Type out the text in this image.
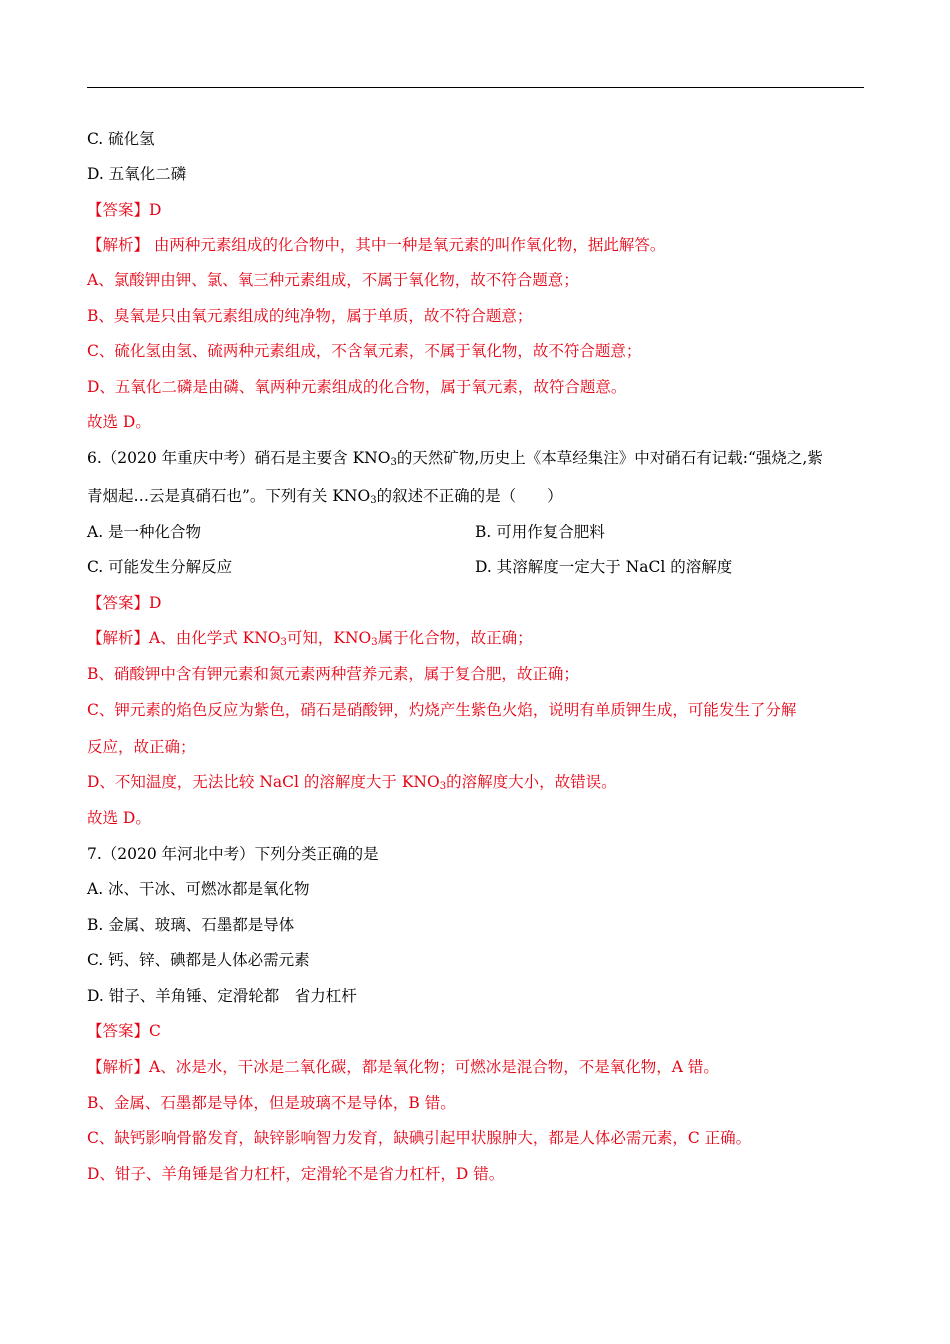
C. 硫化氢
D. 五氧化二磷
【答案】D
【解析】 由两种元素组成的化合物中，其中一种是氧元素的叫作氧化物，据此解答。
A、氯酸钾由钾、氯、氧三种元素组成，不属于氧化物，故不符合题意；
B、臭氧是只由氧元素组成的纯净物，属于单质，故不符合题意；
C、硫化氢由氢、硫两种元素组成，不含氧元素，不属于氧化物，故不符合题意；
D、五氧化二磷是由磷、氧两种元素组成的化合物，属于氧元素，故符合题意。
故选 D。
6.（2020 年重庆中考）硝石是主要含 $KNO_3$的天然矿物,历史上《本草经集注》中对硝石有记载:“强烧之,紫
青烟起…云是真硝石也”。下列有关 $KNO_3$的叙述不正确的是（　　）
A. 是一种化合物	B. 可用作复合肥料
C. 可能发生分解反应	D. 其溶解度一定大于 NaCl 的溶解度
【答案】D
【解析】A、由化学式 $KNO_3$可知，$KNO_3$属于化合物，故正确；
B、硝酸钾中含有钾元素和氮元素两种营养元素，属于复合肥，故正确；
C、钾元素的焰色反应为紫色，硝石是硝酸钾，灼烧产生紫色火焰，说明有单质钾生成，可能发生了分解
反应，故正确；
D、不知温度，无法比较 NaCl 的溶解度大于 $KNO_3$的溶解度大小，故错误。
故选 D。
7.（2020 年河北中考）下列分类正确的是
A. 冰、干冰、可燃冰都是氧化物
B. 金属、玻璃、石墨都是导体
C. 钙、锌、碘都是人体必需元素
D. 钳子、羊角锤、定滑轮都　省力杠杆
【答案】C
【解析】A、冰是水，干冰是二氧化碳，都是氧化物；可燃冰是混合物，不是氧化物，A 错。
B、金属、石墨都是导体，但是玻璃不是导体，B 错。
C、缺钙影响骨骼发育，缺锌影响智力发育，缺碘引起甲状腺肿大，都是人体必需元素，C 正确。
D、钳子、羊角锤是省力杠杆，定滑轮不是省力杠杆，D 错。
